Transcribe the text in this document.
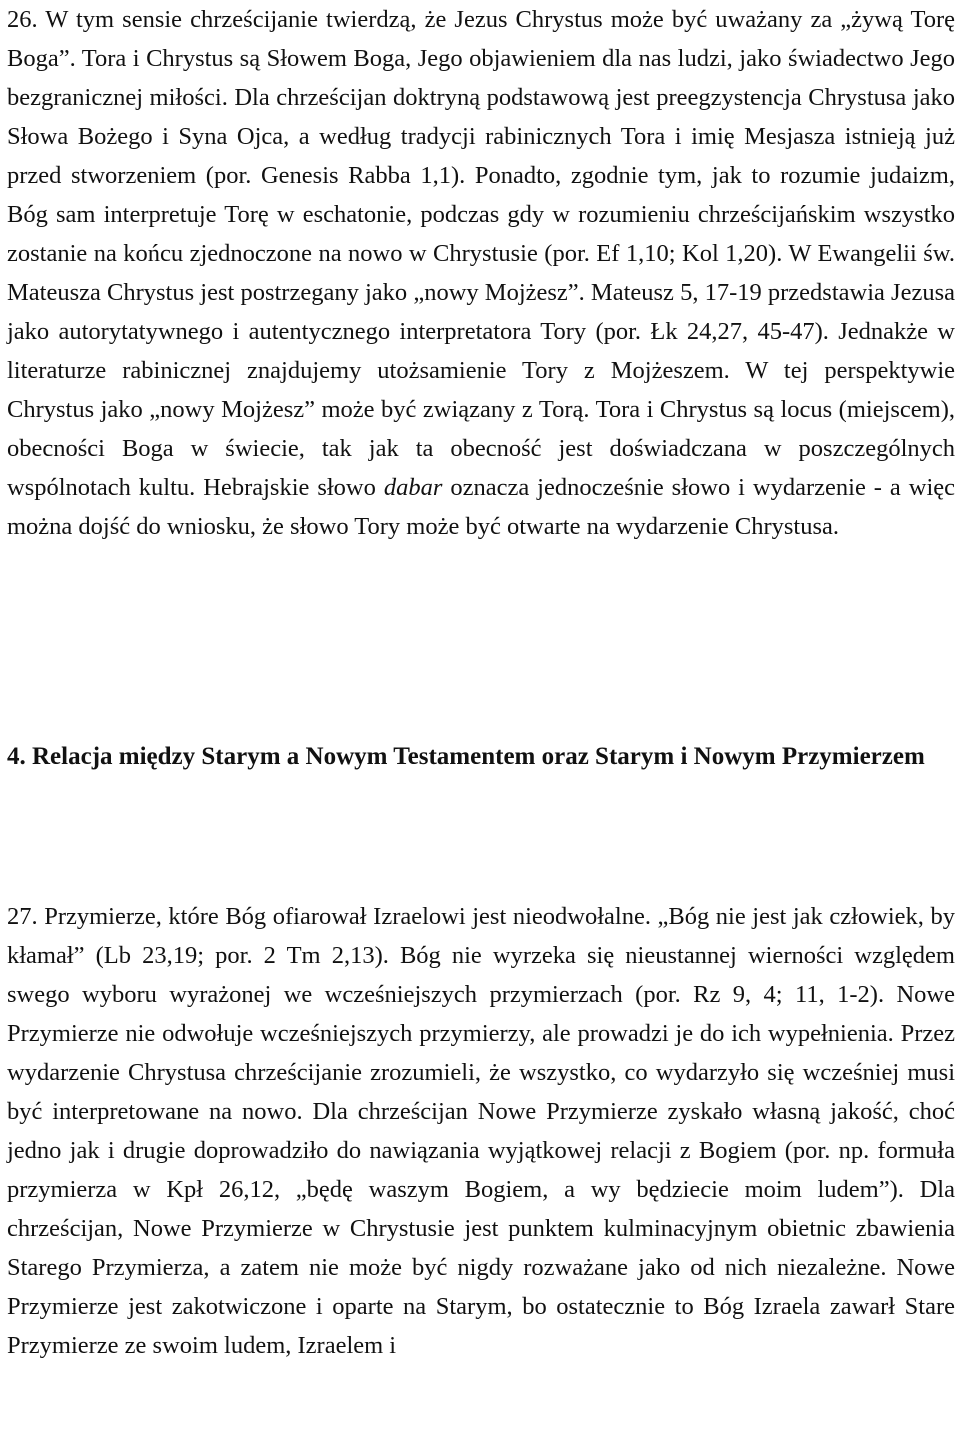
26. W tym sensie chrześcijanie twierdzą, że Jezus Chrystus może być uważany za „żywą Torę Boga”. Tora i Chrystus są Słowem Boga, Jego objawieniem dla nas ludzi, jako świadectwo Jego bezgranicznej miłości. Dla chrześcijan doktryną podstawową jest preegzystencja Chrystusa jako Słowa Bożego i Syna Ojca, a według tradycji rabinicznych Tora i imię Mesjasza istnieją już przed stworzeniem (por. Genesis Rabba 1,1). Ponadto, zgodnie tym, jak to rozumie judaizm, Bóg sam interpretuje Torę w eschatonie, podczas gdy w rozumieniu chrześcijańskim wszystko zostanie na końcu zjednoczone na nowo w Chrystusie (por. Ef 1,10; Kol 1,20). W Ewangelii św. Mateusza Chrystus jest postrzegany jako „nowy Mojżesz”. Mateusz 5, 17-19 przedstawia Jezusa jako autorytatywnego i autentycznego interpretatora Tory (por. Łk 24,27, 45-47). Jednakże w literaturze rabinicznej znajdujemy utożsamienie Tory z Mojżeszem. W tej perspektywie Chrystus jako „nowy Mojżesz” może być związany z Torą. Tora i Chrystus są locus (miejscem), obecności Boga w świecie, tak jak ta obecność jest doświadczana w poszczególnych wspólnotach kultu. Hebrajskie słowo dabar oznacza jednocześnie słowo i wydarzenie - a więc można dojść do wniosku, że słowo Tory może być otwarte na wydarzenie Chrystusa.

4. Relacja między Starym a Nowym Testamentem oraz Starym i Nowym Przymierzem

27. Przymierze, które Bóg ofiarował Izraelowi jest nieodwołalne. „Bóg nie jest jak człowiek, by kłamał” (Lb 23,19; por. 2 Tm 2,13). Bóg nie wyrzeka się nieustannej wierności względem swego wyboru wyrażonej we wcześniejszych przymierzach (por. Rz 9, 4; 11, 1-2). Nowe Przymierze nie odwołuje wcześniejszych przymierzy, ale prowadzi je do ich wypełnienia. Przez wydarzenie Chrystusa chrześcijanie zrozumieli, że wszystko, co wydarzyło się wcześniej musi być interpretowane na nowo. Dla chrześcijan Nowe Przymierze zyskało własną jakość, choć jedno jak i drugie doprowadziło do nawiązania wyjątkowej relacji z Bogiem (por. np. formuła przymierza w Kpł 26,12, „będę waszym Bogiem, a wy będziecie moim ludem”). Dla chrześcijan, Nowe Przymierze w Chrystusie jest punktem kulminacyjnym obietnic zbawienia Starego Przymierza, a zatem nie może być nigdy rozważane jako od nich niezależne. Nowe Przymierze jest zakotwiczone i oparte na Starym, bo ostatecznie to Bóg Izraela zawarł Stare Przymierze ze swoim ludem, Izraelem i
